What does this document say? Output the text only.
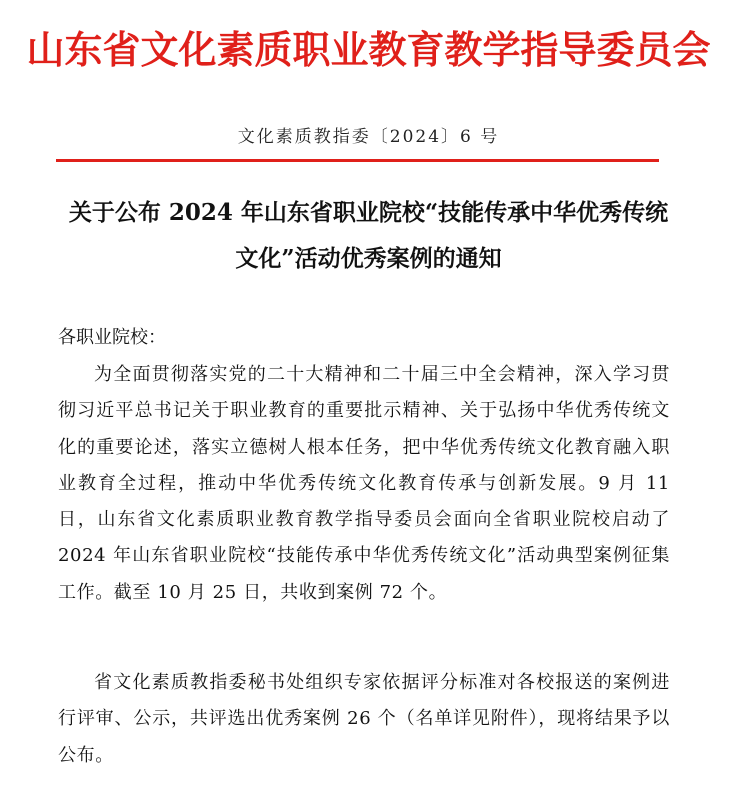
山东省文化素质职业教育教学指导委员会
文化素质教指委〔2024〕6 号
关于公布 2024 年山东省职业院校“技能传承中华优秀传统
文化”活动优秀案例的通知
各职业院校：
为全面贯彻落实党的二十大精神和二十届三中全会精神，深入学习贯彻习近平总书记关于职业教育的重要批示精神、关于弘扬中华优秀传统文化的重要论述，落实立德树人根本任务，把中华优秀传统文化教育融入职业教育全过程，推动中华优秀传统文化教育传承与创新发展。9 月 11 日，山东省文化素质职业教育教学指导委员会面向全省职业院校启动了 2024 年山东省职业院校“技能传承中华优秀传统文化”活动典型案例征集工作。截至 10 月 25 日，共收到案例 72 个。
省文化素质教指委秘书处组织专家依据评分标准对各校报送的案例进行评审、公示，共评选出优秀案例 26 个（名单详见附件），现将结果予以公布。
